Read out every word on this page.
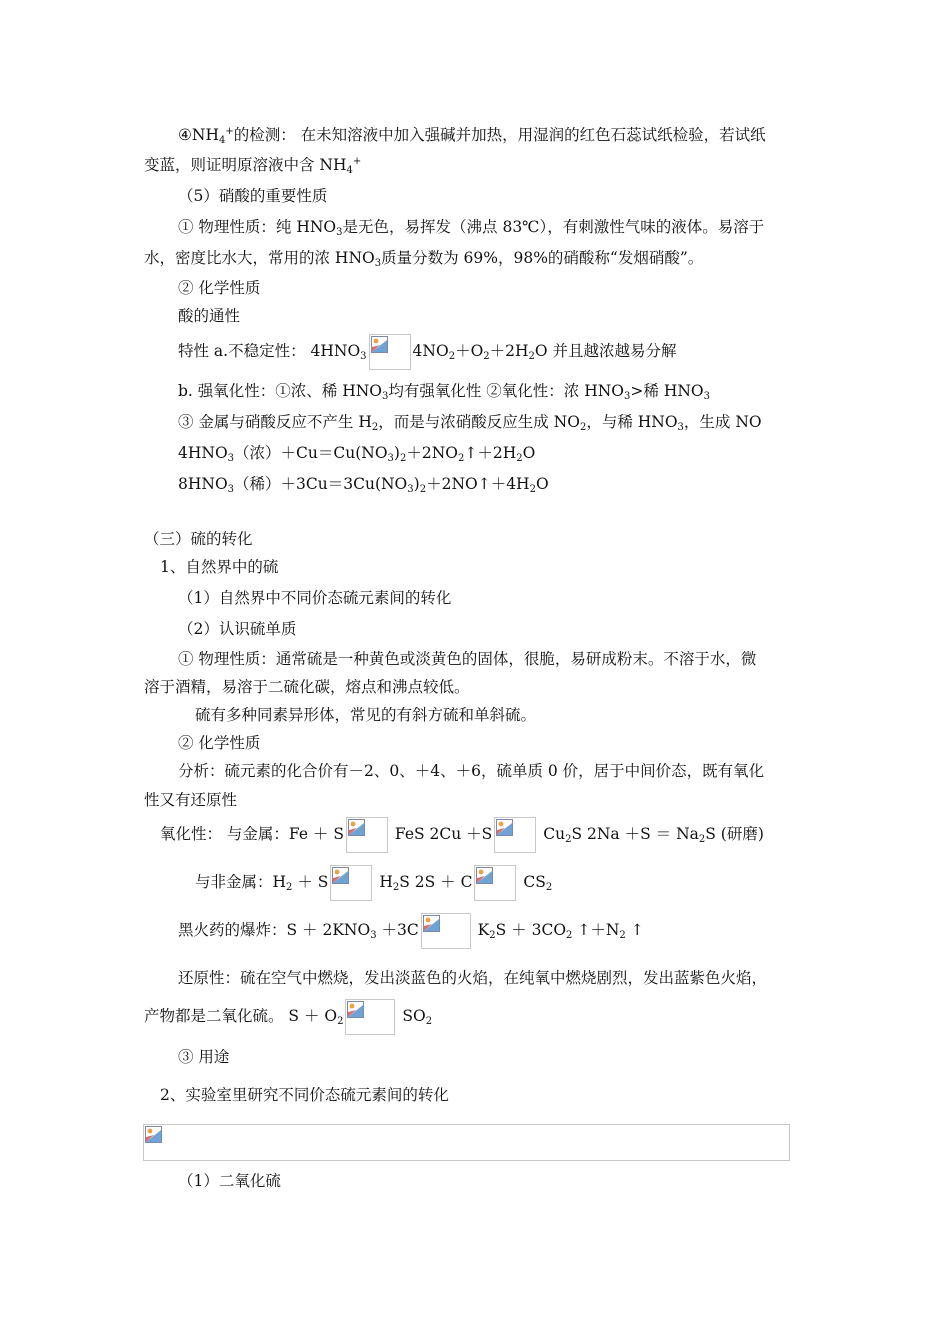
$④NH_4^+$的检测： 在未知溶液中加入强碱并加热，用湿润的红色石蕊试纸检验，若试纸
变蓝，则证明原溶液中含 $NH_4^+$
（5）硝酸的重要性质
① 物理性质：纯 $HNO_3$是无色，易挥发（沸点 83℃），有刺激性气味的液体。易溶于
水，密度比水大，常用的浓 $HNO_3$质量分数为 69%，98%的硝酸称“发烟硝酸”。
② 化学性质
酸的通性
特性 a.不稳定性： $4HNO_3$	$4NO_2+O_2+2H_2O$ 并且越浓越易分解
b. 强氧化性：①浓、稀 $HNO_3$均有强氧化性 ②氧化性：浓 $HNO_3>$稀 $HNO_3$
③ 金属与硝酸反应不产生 $H_2$，而是与浓硝酸反应生成 $NO_2$，与稀 $HNO_3$，生成 NO
$4HNO_3$（浓）$+Cu=Cu(NO_3)_2+2NO_2↑+2H_2O$
$8HNO_3$（稀）$+3Cu=3Cu(NO_3)_2+2NO↑+4H_2O$
（三）硫的转化
1、自然界中的硫
（1）自然界中不同价态硫元素间的转化
（2）认识硫单质
① 物理性质：通常硫是一种黄色或淡黄色的固体，很脆，易研成粉末。不溶于水，微
溶于酒精，易溶于二硫化碳，熔点和沸点较低。
硫有多种同素异形体，常见的有斜方硫和单斜硫。
② 化学性质
分析：硫元素的化合价有－2、0、＋4、＋6，硫单质 0 价，居于中间价态，既有氧化
性又有还原性
氧化性： 与金属：Fe ＋ S	FeS 2Cu ＋S	$Cu_2S$ $2Na +S = Na_2S$ (研磨)
与非金属：$H_2 + S$	$H_2S$ 2S ＋ C	$CS_2$
黑火药的爆炸：$S + 2KNO_3 +3C$	$K_2S + 3CO_2$ $↑+N_2$ ↑
还原性：硫在空气中燃烧，发出淡蓝色的火焰，在纯氧中燃烧剧烈，发出蓝紫色火焰，
产物都是二氧化硫。 $S + O_2$	$SO_2$
③ 用途
2、实验室里研究不同价态硫元素间的转化
（1）二氧化硫
